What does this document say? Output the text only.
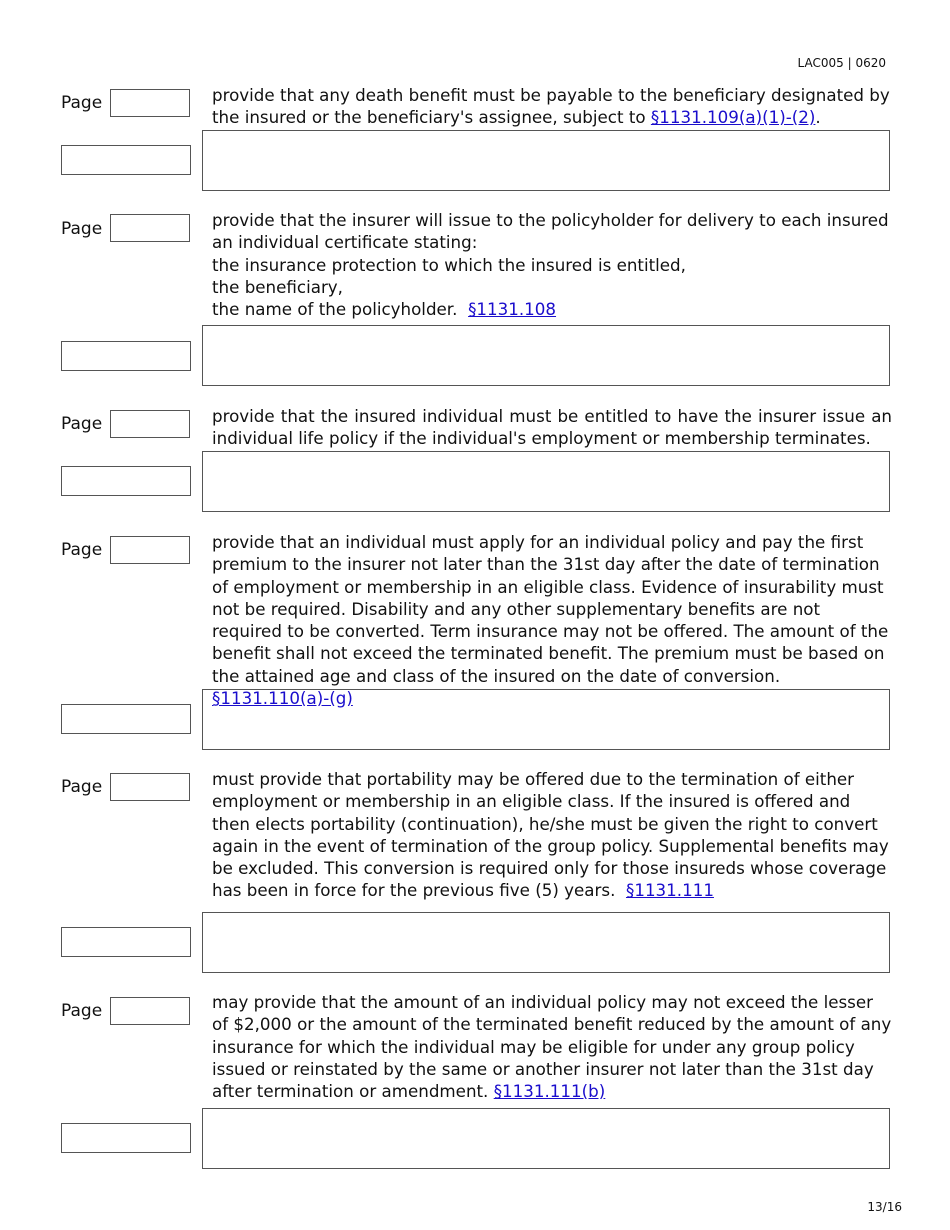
LAC005 | 0620
Page	provide that any death benefit must be payable to the beneficiary designated by the insured or the beneficiary's assignee, subject to §1131.109(a)(1)-(2).
Page	provide that the insurer will issue to the policyholder for delivery to each insured an individual certificate stating:
the insurance protection to which the insured is entitled,
the beneficiary,
the name of the policyholder. §1131.108
Page	provide that the insured individual must be entitled to have the insurer issue an individual life policy if the individual's employment or membership terminates.
Page	provide that an individual must apply for an individual policy and pay the first premium to the insurer not later than the 31st day after the date of termination of employment or membership in an eligible class. Evidence of insurability must not be required. Disability and any other supplementary benefits are not required to be converted. Term insurance may not be offered. The amount of the benefit shall not exceed the terminated benefit. The premium must be based on the attained age and class of the insured on the date of conversion. §1131.110(a)-(g)
Page	must provide that portability may be offered due to the termination of either employment or membership in an eligible class. If the insured is offered and then elects portability (continuation), he/she must be given the right to convert again in the event of termination of the group policy. Supplemental benefits may be excluded. This conversion is required only for those insureds whose coverage has been in force for the previous five (5) years. §1131.111
Page	may provide that the amount of an individual policy may not exceed the lesser of $2,000 or the amount of the terminated benefit reduced by the amount of any insurance for which the individual may be eligible for under any group policy issued or reinstated by the same or another insurer not later than the 31st day after termination or amendment. §1131.111(b)
13/16
